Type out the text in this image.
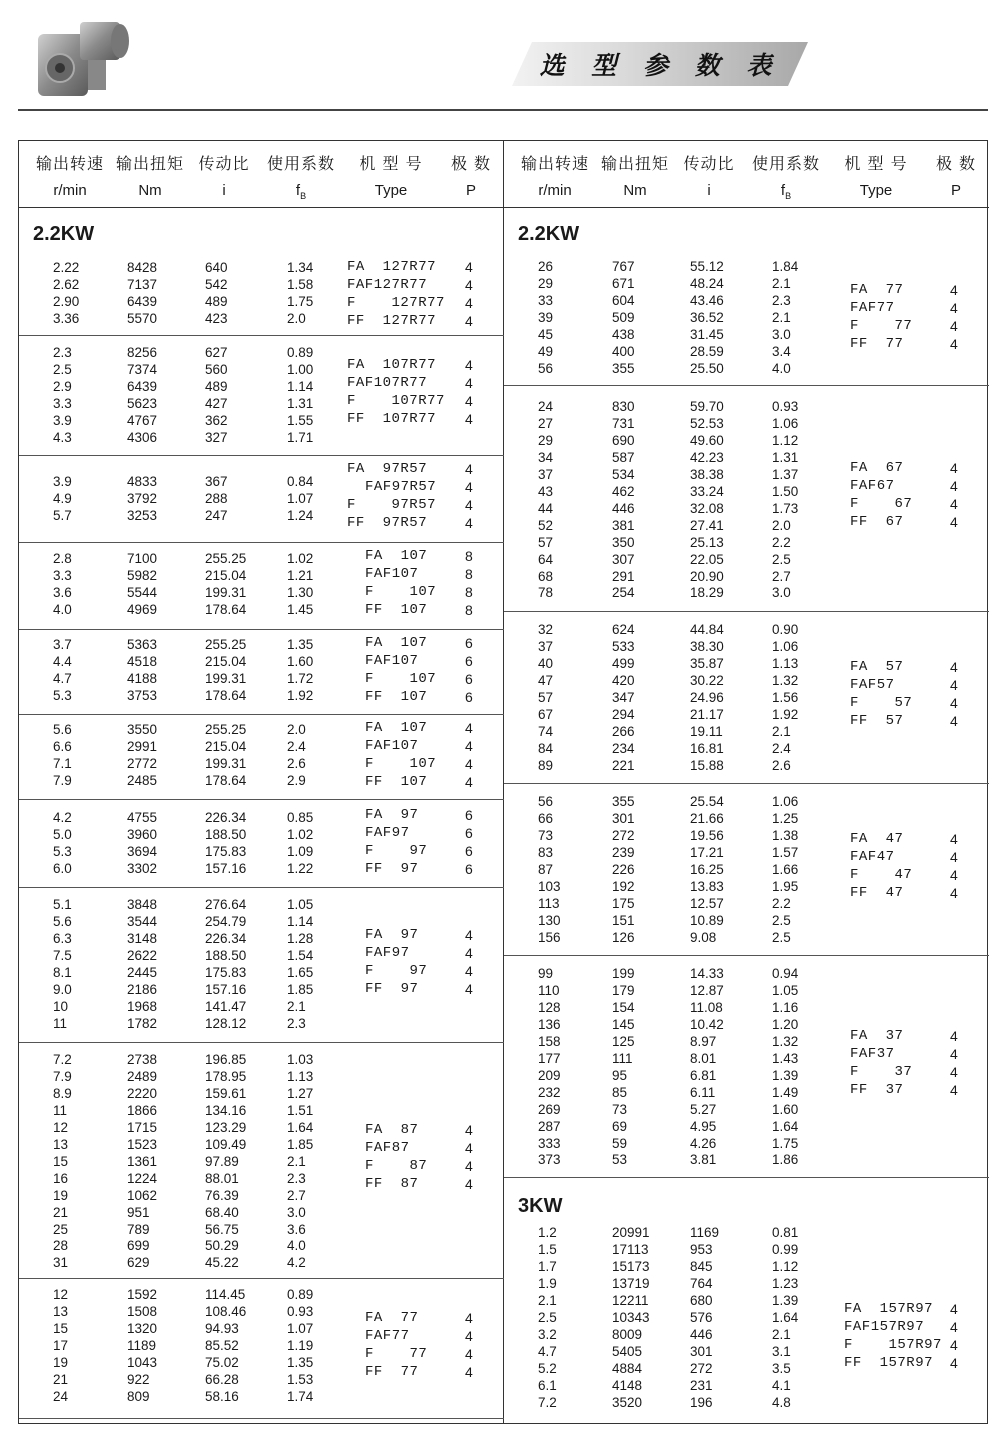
选 型 参 数 表
输出转速
r/min
输出扭矩
Nm
传动比
i
使用系数
$f_B$
机 型 号
Type
极 数
P
2.2KW
2.22	8428	640	1.34
2.62	7137	542	1.58
2.90	6439	489	1.75
3.36	5570	423	2.0
FA  127R77 4
FAF127R77	4
F    127R77 4
FF  127R77 4
2.3	8256	627	0.89
2.5	7374	560	1.00
2.9	6439	489	1.14
3.3	5623	427	1.31
3.9	4767	362	1.55
4.3	4306	327	1.71
FA  107R77 4
FAF107R77	4
F    107R77 4
FF  107R77 4
3.9	4833	367	0.84
4.9	3792	288	1.07
5.7	3253	247	1.24
FA  97R57	4
FAF97R57 4
F    97R57 4
FF  97R57	4
2.8	7100	255.25	1.02
3.3	5982	215.04	1.21
3.6	5544	199.31	1.30
4.0	4969	178.64	1.45
FA  107	8
FAF107	8
F    107 8
FF  107	8
3.7	5363	255.25	1.35
4.4	4518	215.04	1.60
4.7	4188	199.31	1.72
5.3	3753	178.64	1.92
FA  107	6
FAF107	6
F    107 6
FF  107	6
5.6	3550	255.25	2.0
6.6	2991	215.04	2.4
7.1	2772	199.31	2.6
7.9	2485	178.64	2.9
FA  107	4
FAF107	4
F    107 4
FF  107	4
4.2	4755	226.34	0.85
5.0	3960	188.50	1.02
5.3	3694	175.83	1.09
6.0	3302	157.16	1.22
FA  97	6
FAF97	6
F    97	6
FF  97	6
5.1	3848	276.64	1.05
5.6	3544	254.79	1.14
6.3	3148	226.34	1.28
7.5	2622	188.50	1.54
8.1	2445	175.83	1.65
9.0	2186	157.16	1.85
10	1968	141.47	2.1
11	1782	128.12	2.3
FA  97	4
FAF97	4
F    97	4
FF  97	4
7.2	2738	196.85	1.03
7.9	2489	178.95	1.13
8.9	2220	159.61	1.27
11	1866	134.16	1.51
12	1715	123.29	1.64
13	1523	109.49	1.85
15	1361	97.89	2.1
16	1224	88.01	2.3
19	1062	76.39	2.7
21	951	68.40	3.0
25	789	56.75	3.6
28	699	50.29	4.0
31	629	45.22	4.2
FA  87	4
FAF87	4
F    87	4
FF  87	4
12	1592	114.45	0.89
13	1508	108.46	0.93
15	1320	94.93	1.07
17	1189	85.52	1.19
19	1043	75.02	1.35
21	922	66.28	1.53
24	809	58.16	1.74
FA  77	4
FAF77	4
F    77	4
FF  77	4
输出转速
r/min
输出扭矩
Nm
传动比
i
使用系数
$f_B$
机 型 号
Type
极 数
P
2.2KW
3KW
26	767	55.12	1.84
29	671	48.24	2.1
33	604	43.46	2.3
39	509	36.52	2.1
45	438	31.45	3.0
49	400	28.59	3.4
56	355	25.50	4.0
FA  77	4
FAF77	4
F    77	4
FF  77	4
24	830	59.70	0.93
27	731	52.53	1.06
29	690	49.60	1.12
34	587	42.23	1.31
37	534	38.38	1.37
43	462	33.24	1.50
44	446	32.08	1.73
52	381	27.41	2.0
57	350	25.13	2.2
64	307	22.05	2.5
68	291	20.90	2.7
78	254	18.29	3.0
FA  67	4
FAF67	4
F    67	4
FF  67	4
32	624	44.84	0.90
37	533	38.30	1.06
40	499	35.87	1.13
47	420	30.22	1.32
57	347	24.96	1.56
67	294	21.17	1.92
74	266	19.11	2.1
84	234	16.81	2.4
89	221	15.88	2.6
FA  57	4
FAF57	4
F    57	4
FF  57	4
56	355	25.54	1.06
66	301	21.66	1.25
73	272	19.56	1.38
83	239	17.21	1.57
87	226	16.25	1.66
103	192	13.83	1.95
113	175	12.57	2.2
130	151	10.89	2.5
156	126	9.08	2.5
FA  47	4
FAF47	4
F    47	4
FF  47	4
99	199	14.33	0.94
110	179	12.87	1.05
128	154	11.08	1.16
136	145	10.42	1.20
158	125	8.97	1.32
177	111	8.01	1.43
209	95	6.81	1.39
232	85	6.11	1.49
269	73	5.27	1.60
287	69	4.95	1.64
333	59	4.26	1.75
373	53	3.81	1.86
FA  37	4
FAF37	4
F    37	4
FF  37	4
1.2	20991	1169	0.81
1.5	17113	953	0.99
1.7	15173	845	1.12
1.9	13719	764	1.23
2.1	12211	680	1.39
2.5	10343	576	1.64
3.2	8009	446	2.1
4.7	5405	301	3.1
5.2	4884	272	3.5
6.1	4148	231	4.1
7.2	3520	196	4.8
FA  157R97 4
FAF157R97 4
F    157R97 4
FF  157R97 4
